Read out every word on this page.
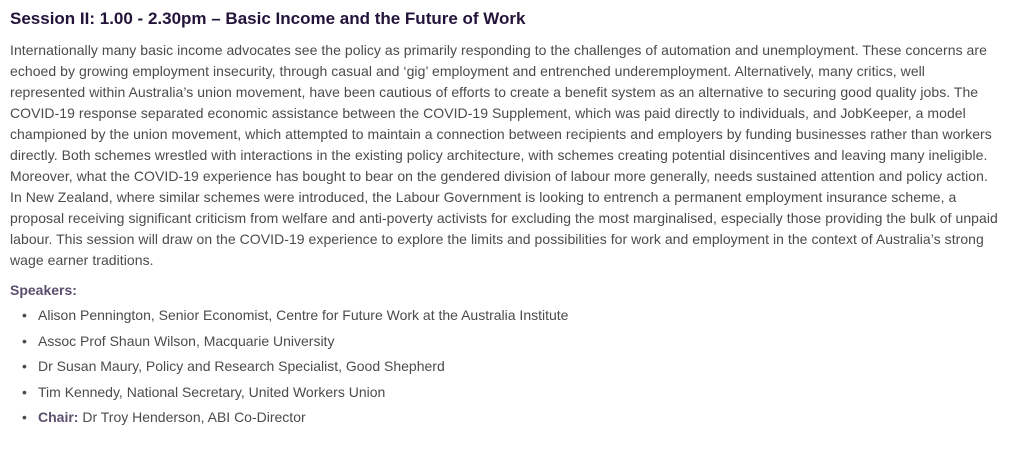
Session II: 1.00 - 2.30pm – Basic Income and the Future of Work

Internationally many basic income advocates see the policy as primarily responding to the challenges of automation and unemployment. These concerns are echoed by growing employment insecurity, through casual and ‘gig’ employment and entrenched underemployment. Alternatively, many critics, well represented within Australia’s union movement, have been cautious of efforts to create a benefit system as an alternative to securing good quality jobs. The COVID-19 response separated economic assistance between the COVID-19 Supplement, which was paid directly to individuals, and JobKeeper, a model championed by the union movement, which attempted to maintain a connection between recipients and employers by funding businesses rather than workers directly. Both schemes wrestled with interactions in the existing policy architecture, with schemes creating potential disincentives and leaving many ineligible. Moreover, what the COVID-19 experience has bought to bear on the gendered division of labour more generally, needs sustained attention and policy action. In New Zealand, where similar schemes were introduced, the Labour Government is looking to entrench a permanent employment insurance scheme, a proposal receiving significant criticism from welfare and anti-poverty activists for excluding the most marginalised, especially those providing the bulk of unpaid labour. This session will draw on the COVID-19 experience to explore the limits and possibilities for work and employment in the context of Australia’s strong wage earner traditions.

Speakers:

• Alison Pennington, Senior Economist, Centre for Future Work at the Australia Institute
• Assoc Prof Shaun Wilson, Macquarie University
• Dr Susan Maury, Policy and Research Specialist, Good Shepherd
• Tim Kennedy, National Secretary, United Workers Union
• Chair: Dr Troy Henderson, ABI Co-Director
